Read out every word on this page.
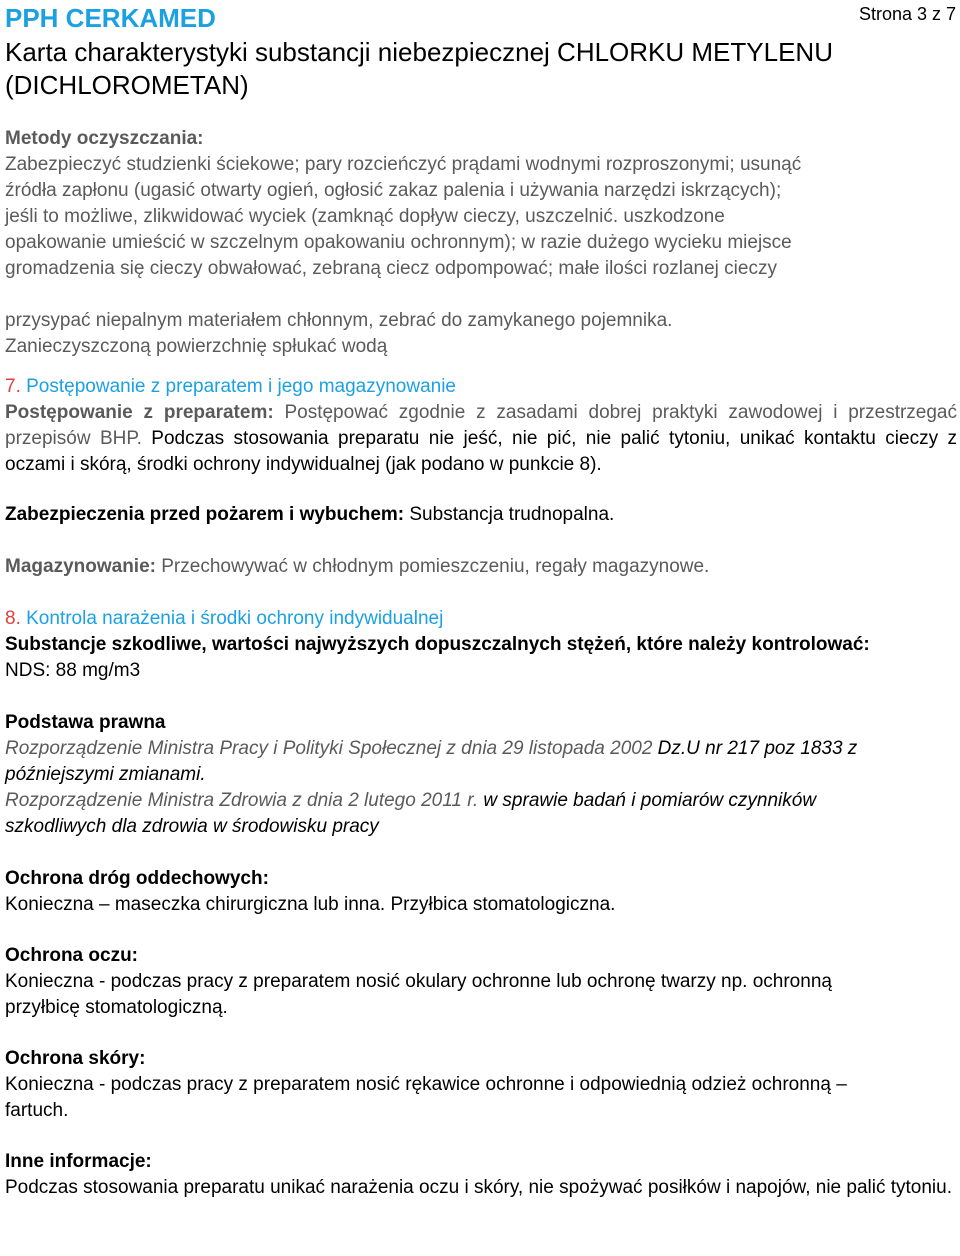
PPH CERKAMED	Strona 3 z 7
Karta charakterystyki substancji niebezpiecznej CHLORKU METYLENU (DICHLOROMETAN)

Metody oczyszczania:

Zabezpieczyć studzienki ściekowe; pary rozcieńczyć prądami wodnymi rozproszonymi; usunąć
źródła zapłonu (ugasić otwarty ogień, ogłosić zakaz palenia i używania narzędzi iskrzących);
jeśli to możliwe, zlikwidować wyciek (zamknąć dopływ cieczy, uszczelnić. uszkodzone
opakowanie umieścić w szczelnym opakowaniu ochronnym); w razie dużego wycieku miejsce
gromadzenia się cieczy obwałować, zebraną ciecz odpompować; małe ilości rozlanej cieczy
przysypać niepalnym materiałem chłonnym, zebrać do zamykanego pojemnika.
Zanieczyszczoną powierzchnię spłukać wodą
7. Postępowanie z preparatem i jego magazynowanie

Postępowanie z preparatem: Postępować zgodnie z zasadami dobrej praktyki zawodowej i przestrzegać przepisów BHP. Podczas stosowania preparatu nie jeść, nie pić, nie palić tytoniu, unikać kontaktu cieczy z oczami i skórą, środki ochrony indywidualnej (jak podano w punkcie 8).

Zabezpieczenia przed pożarem i wybuchem: Substancja trudnopalna.

Magazynowanie: Przechowywać w chłodnym pomieszczeniu, regały magazynowe.

8. Kontrola narażenia i środki ochrony indywidualnej

Substancje szkodliwe, wartości najwyższych dopuszczalnych stężeń, które należy kontrolować:

NDS: 88 mg/m3

Podstawa prawna

Rozporządzenie Ministra Pracy i Polityki Społecznej z dnia 29 listopada 2002 Dz.U nr 217 poz 1833 z późniejszymi zmianami.

Rozporządzenie Ministra Zdrowia z dnia 2 lutego 2011 r. w sprawie badań i pomiarów czynników szkodliwych dla zdrowia w środowisku pracy

Ochrona dróg oddechowych:

Konieczna – maseczka chirurgiczna lub inna. Przyłbica stomatologiczna.

Ochrona oczu:

Konieczna - podczas pracy z preparatem nosić okulary ochronne lub ochronę twarzy np. ochronną przyłbicę stomatologiczną.

Ochrona skóry:

Konieczna - podczas pracy z preparatem nosić rękawice ochronne i odpowiednią odzież ochronną – fartuch.

Inne informacje:

Podczas stosowania preparatu unikać narażenia oczu i skóry, nie spożywać posiłków i napojów, nie palić tytoniu.
